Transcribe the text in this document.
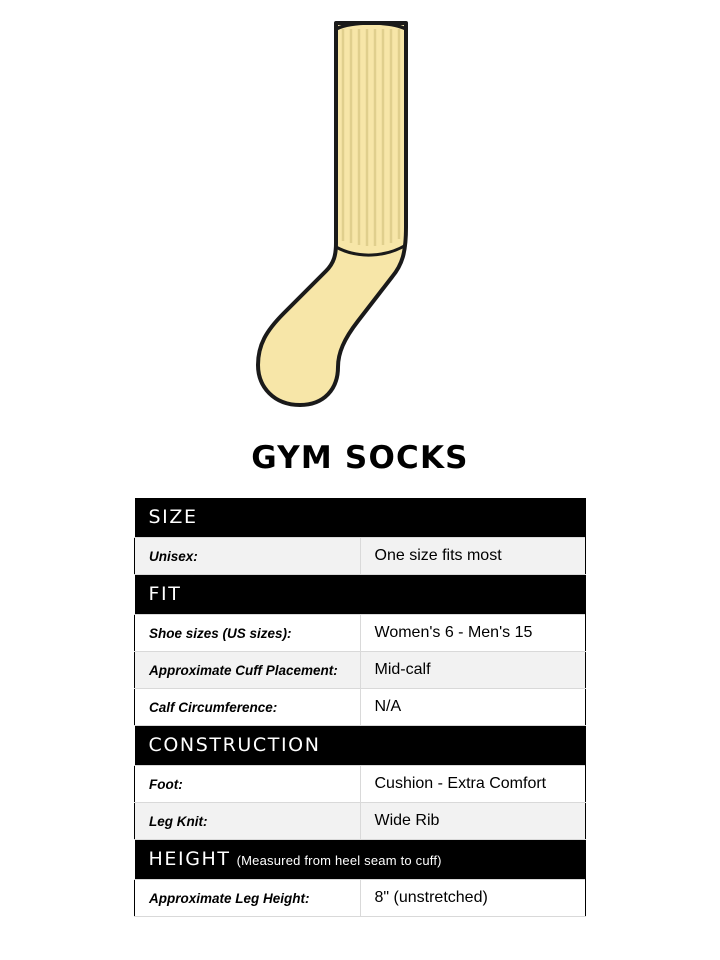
GYM SOCKS
SIZE	
Unisex:	One size fits most
FIT	
Shoe sizes (US sizes):	Women's 6 - Men's 15
Approximate Cuff Placement:	Mid-calf
Calf Circumference:	N/A
CONSTRUCTION	
Foot:	Cushion - Extra Comfort
Leg Knit:	Wide Rib
HEIGHT (Measured from heel seam to cuff)	
Approximate Leg Height:	8" (unstretched)
